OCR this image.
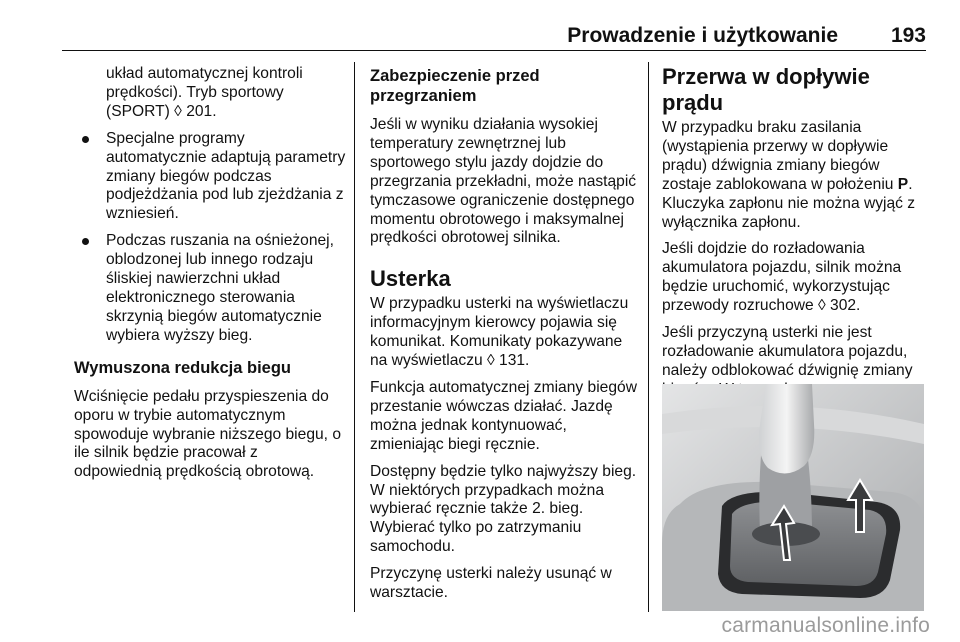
Prowadzenie i użytkowanie	193

układ automatycznej kontroli prędkości). Tryb sportowy (SPORT) ◊ 201.

Specjalne programy automatycznie adaptują parametry zmiany biegów podczas podjeżdżania pod lub zjeżdżania z wzniesień.
Podczas ruszania na ośnieżonej, oblodzonej lub innego rodzaju śliskiej nawierzchni układ elektronicznego sterowania skrzynią biegów automatycznie wybiera wyższy bieg.
Wymuszona redukcja biegu

Wciśnięcie pedału przyspieszenia do oporu w trybie automatycznym spowoduje wybranie niższego biegu, o ile silnik będzie pracował z odpowiednią prędkością obrotową.

Zabezpieczenie przed przegrzaniem

Jeśli w wyniku działania wysokiej temperatury zewnętrznej lub sportowego stylu jazdy dojdzie do przegrzania przekładni, może nastąpić tymczasowe ograniczenie dostępnego momentu obrotowego i maksymalnej prędkości obrotowej silnika.

Usterka

W przypadku usterki na wyświetlaczu informacyjnym kierowcy pojawia się komunikat. Komunikaty pokazywane na wyświetlaczu ◊ 131.

Funkcja automatycznej zmiany biegów przestanie wówczas działać. Jazdę można jednak kontynuować, zmieniając biegi ręcznie.

Dostępny będzie tylko najwyższy bieg. W niektórych przypadkach można wybierać ręcznie także 2. bieg. Wybierać tylko po zatrzymaniu samochodu.

Przyczynę usterki należy usunąć w warsztacie.

Przerwa w dopływie prądu

W przypadku braku zasilania (wystąpienia przerwy w dopływie prądu) dźwignia zmiany biegów zostaje zablokowana w położeniu P. Kluczyka zapłonu nie można wyjąć z wyłącznika zapłonu.

Jeśli dojdzie do rozładowania akumulatora pojazdu, silnik można będzie uruchomić, wykorzystując przewody rozruchowe ◊ 302.

Jeśli przyczyną usterki nie jest rozładowanie akumulatora pojazdu, należy odblokować dźwignię zmiany

carmanualsonline.info
